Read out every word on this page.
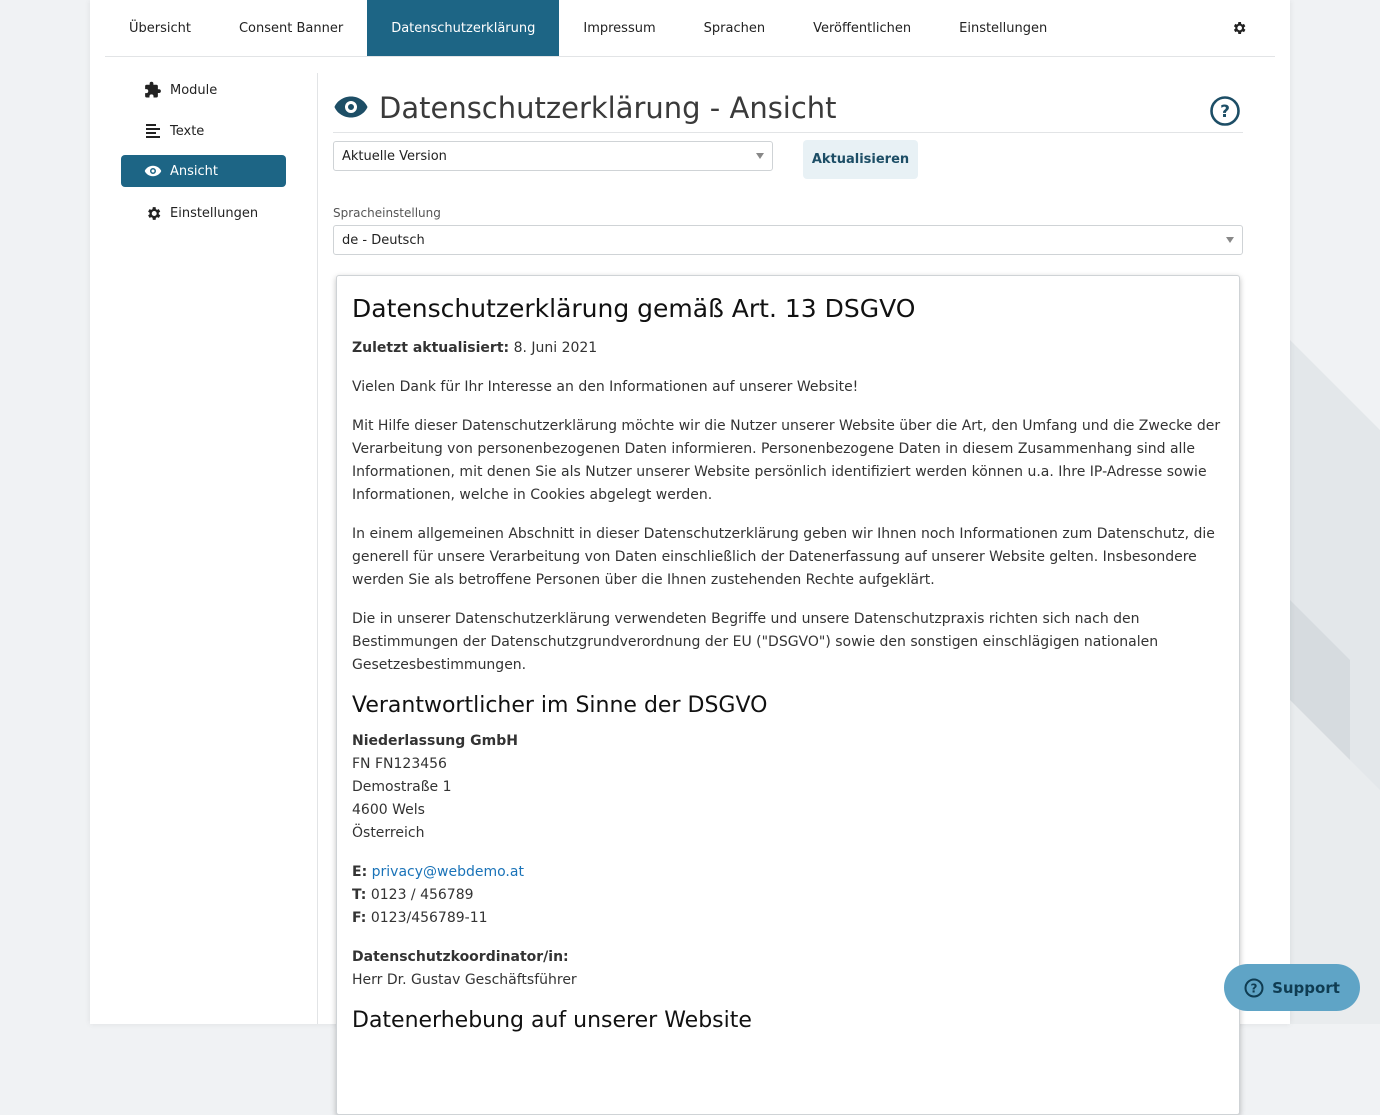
Übersicht	Consent Banner	Datenschutzerklärung	Impressum	Sprachen	Veröffentlichen	Einstellungen
Module
Texte
Ansicht
Einstellungen
Datenschutzerklärung - Ansicht	?
Aktuelle Version	Aktualisieren
Spracheinstellung
de - Deutsch
Datenschutzerklärung gemäß Art. 13 DSGVO

Zuletzt aktualisiert: 8. Juni 2021

Vielen Dank für Ihr Interesse an den Informationen auf unserer Website!

Mit Hilfe dieser Datenschutzerklärung möchte wir die Nutzer unserer Website über die Art, den Umfang und die Zwecke der Verarbeitung von personenbezogenen Daten informieren. Personenbezogene Daten in diesem Zusammenhang sind alle Informationen, mit denen Sie als Nutzer unserer Website persönlich identifiziert werden können u.a. Ihre IP-Adresse sowie Informationen, welche in Cookies abgelegt werden.

In einem allgemeinen Abschnitt in dieser Datenschutzerklärung geben wir Ihnen noch Informationen zum Datenschutz, die generell für unsere Verarbeitung von Daten einschließlich der Datenerfassung auf unserer Website gelten. Insbesondere werden Sie als betroffene Personen über die Ihnen zustehenden Rechte aufgeklärt.

Die in unserer Datenschutzerklärung verwendeten Begriffe und unsere Datenschutzpraxis richten sich nach den Bestimmungen der Datenschutzgrundverordnung der EU ("DSGVO") sowie den sonstigen einschlägigen nationalen Gesetzesbestimmungen.

Verantwortlicher im Sinne der DSGVO

Niederlassung GmbH
FN FN123456
Demostraße 1
4600 Wels
Österreich

E: privacy@webdemo.at
T: 0123 / 456789
F: 0123/456789-11

Datenschutzkoordinator/in:
Herr Dr. Gustav Geschäftsführer

Datenerhebung auf unserer Website
? Support
